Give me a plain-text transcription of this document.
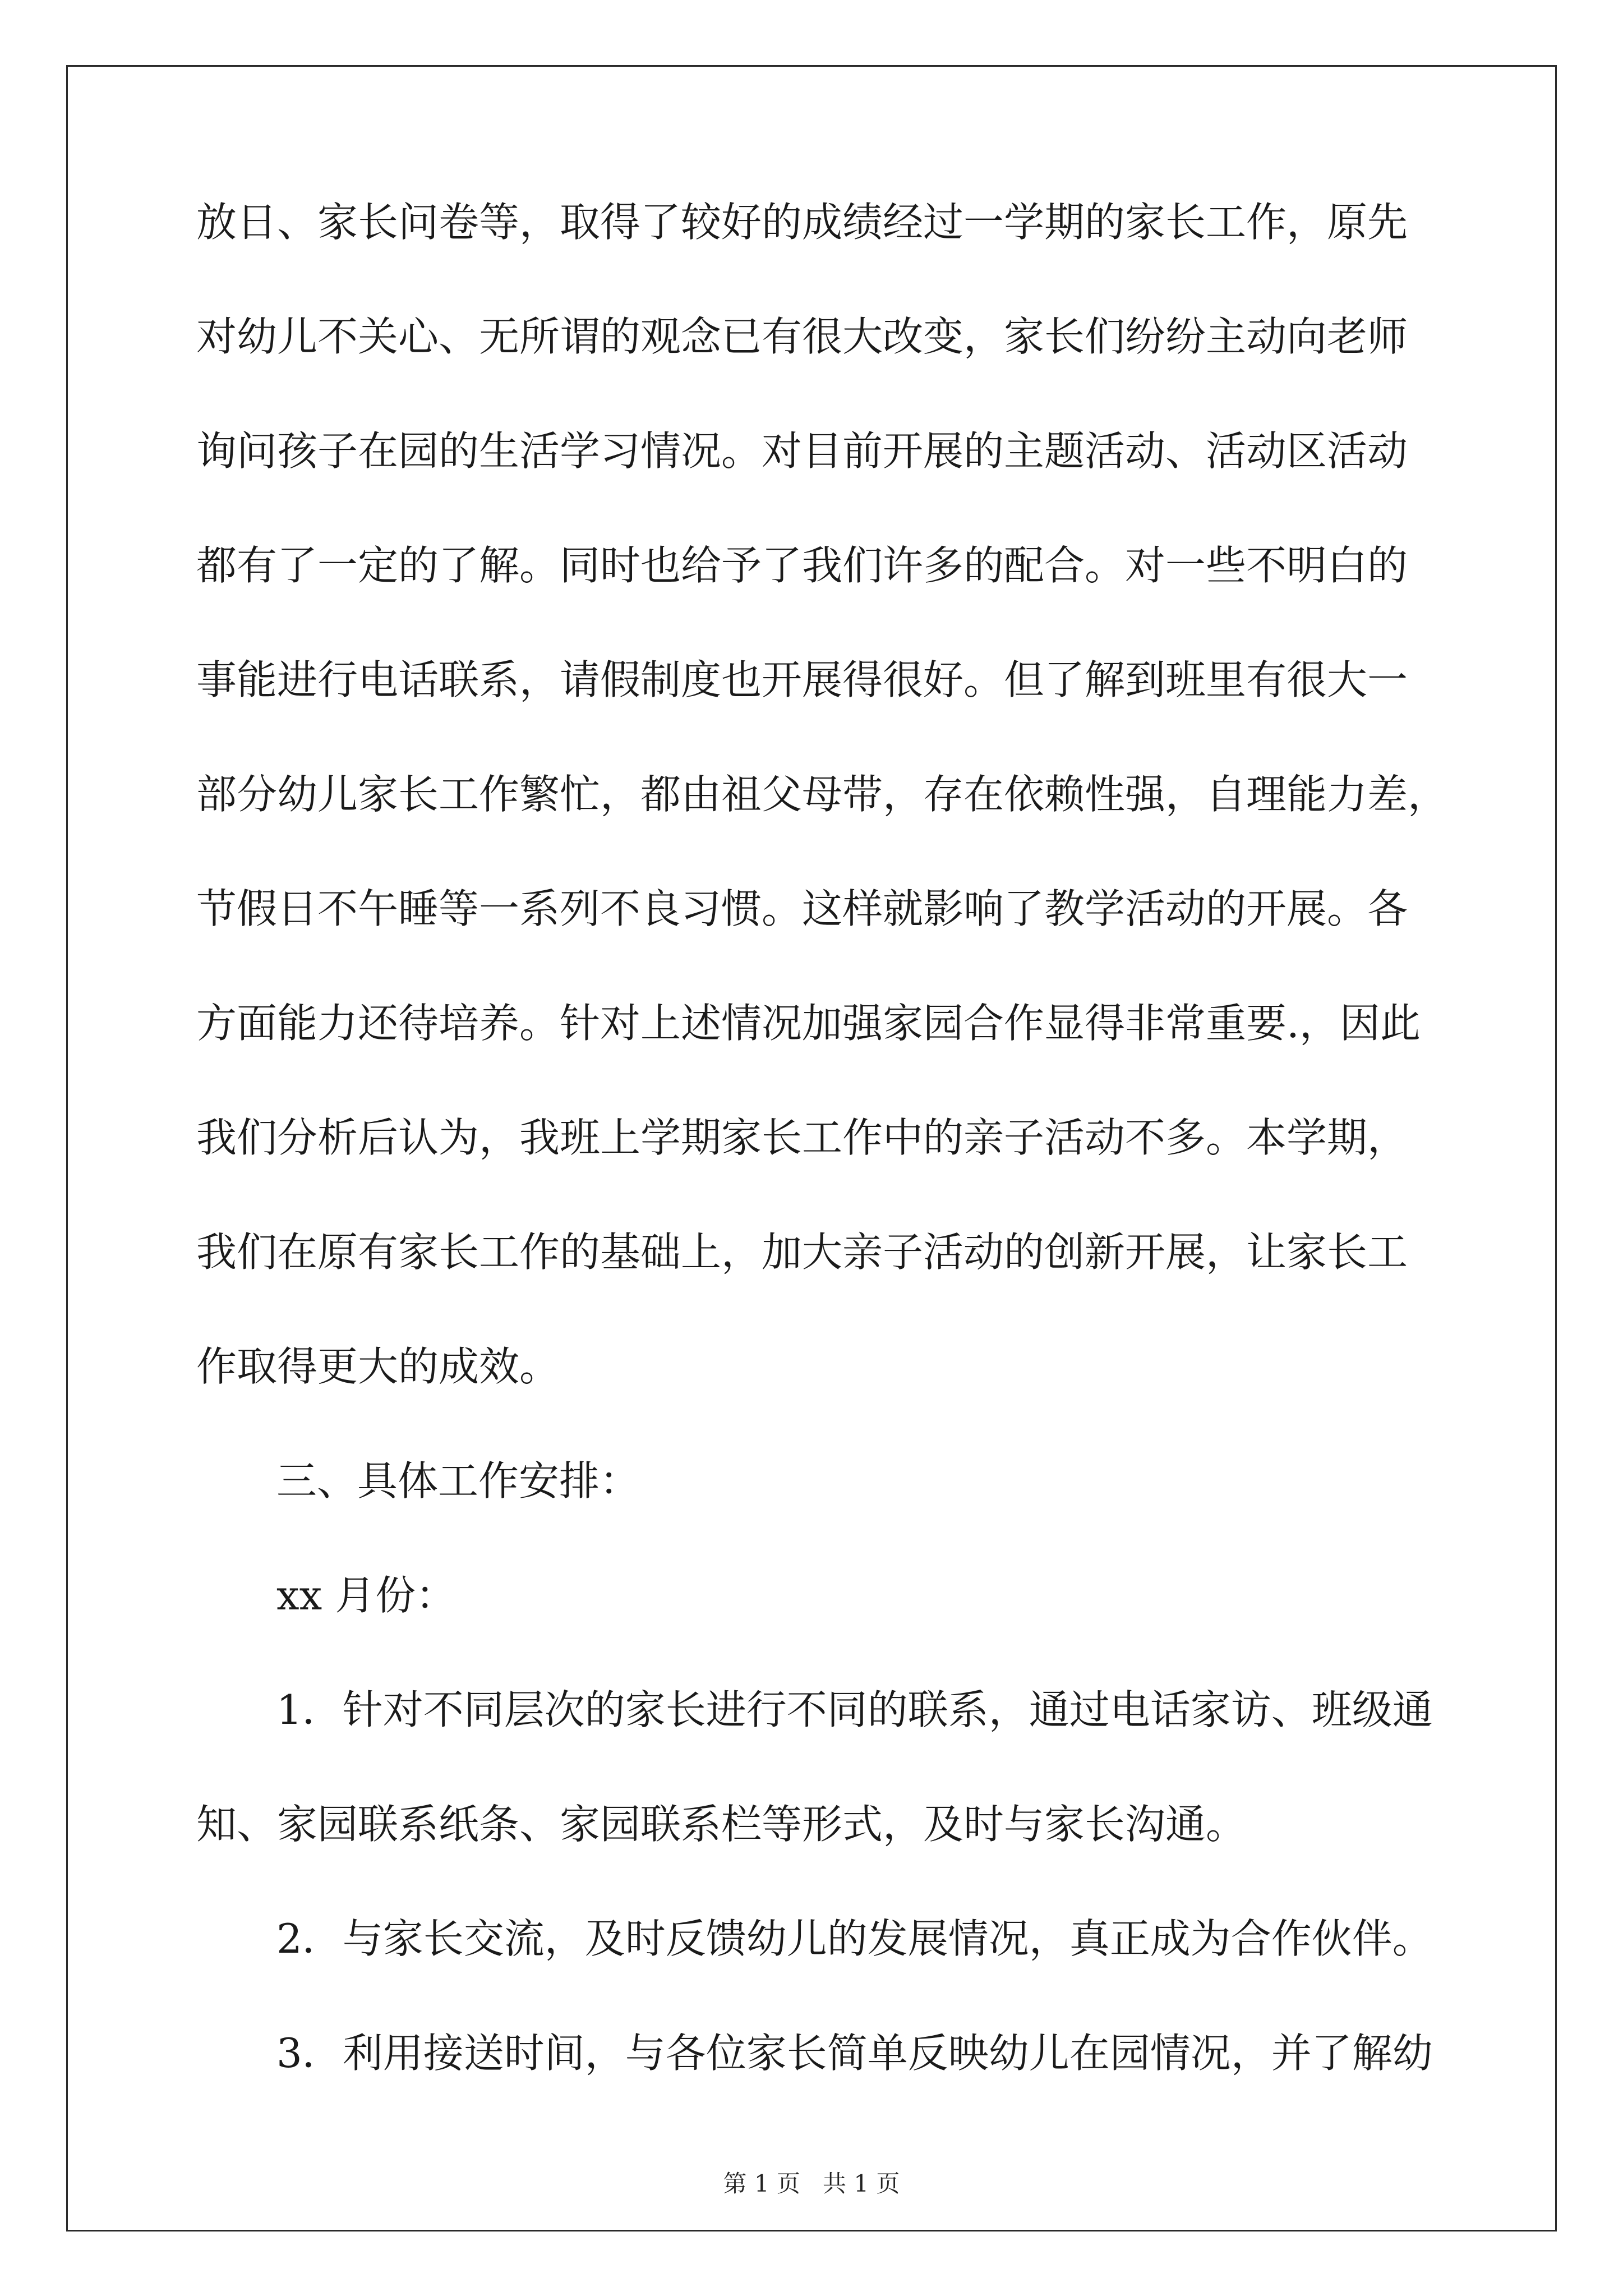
放日、家长问卷等，取得了较好的成绩经过一学期的家长工作，原先
对幼儿不关心、无所谓的观念已有很大改变，家长们纷纷主动向老师
询问孩子在园的生活学习情况。对目前开展的主题活动、活动区活动
都有了一定的了解。同时也给予了我们许多的配合。对一些不明白的
事能进行电话联系，请假制度也开展得很好。但了解到班里有很大一
部分幼儿家长工作繁忙，都由祖父母带，存在依赖性强，自理能力差，
节假日不午睡等一系列不良习惯。这样就影响了教学活动的开展。各
方面能力还待培养。针对上述情况加强家园合作显得非常重要.，因此
我们分析后认为，我班上学期家长工作中的亲子活动不多。本学期，
我们在原有家长工作的基础上，加大亲子活动的创新开展，让家长工
作取得更大的成效。
三、具体工作安排：
xx 月份：
1．针对不同层次的家长进行不同的联系，通过电话家访、班级通
知、家园联系纸条、家园联系栏等形式，及时与家长沟通。
2．与家长交流，及时反馈幼儿的发展情况，真正成为合作伙伴。
3．利用接送时间，与各位家长简单反映幼儿在园情况，并了解幼
第 1 页   共 1 页
